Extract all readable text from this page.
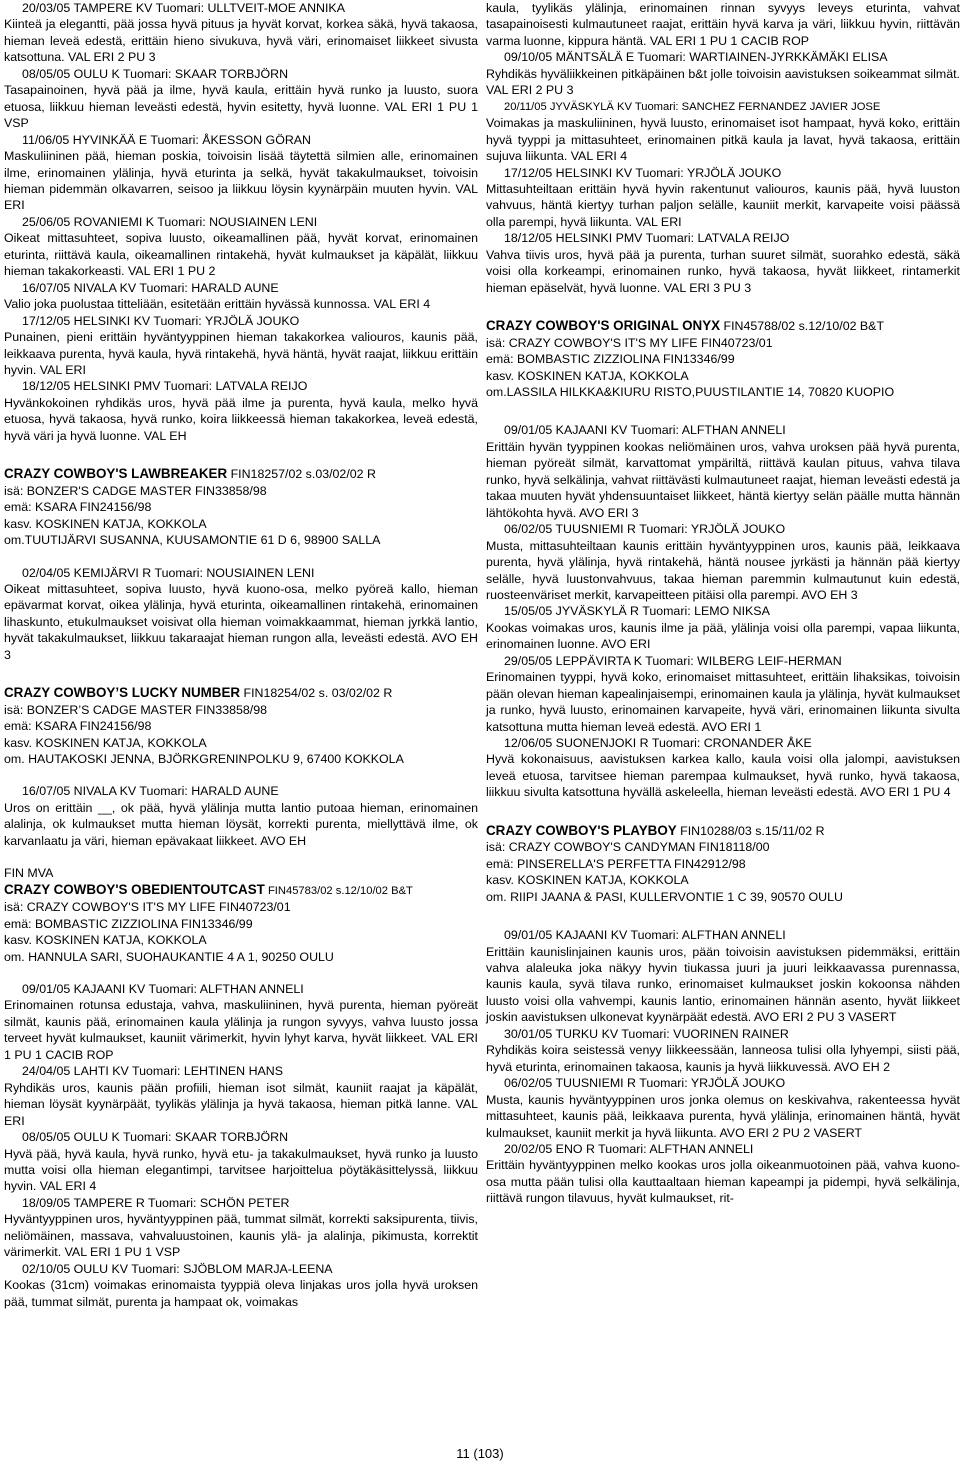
20/03/05 TAMPERE KV Tuomari: ULLTVEIT-MOE ANNIKA

Kiinteä ja elegantti, pää jossa hyvä pituus ja hyvät korvat, korkea säkä, hyvä takaosa, hieman leveä edestä, erittäin hieno sivukuva, hyvä väri, erinomaiset liikkeet sivusta katsottuna. VAL ERI 2 PU 3

08/05/05 OULU K Tuomari: SKAAR TORBJÖRN

Tasapainoinen, hyvä pää ja ilme, hyvä kaula, erittäin hyvä runko ja luusto, suora etuosa, liikkuu hieman leveästi edestä, hyvin esitetty, hyvä luonne. VAL ERI 1 PU 1 VSP

11/06/05 HYVINKÄÄ E Tuomari: ÅKESSON GÖRAN

Maskuliininen pää, hieman poskia, toivoisin lisää täytettä silmien alle, erinomainen ilme, erinomainen ylälinja, hyvä eturinta ja selkä, hyvät takakulmaukset, toivoisin hieman pidemmän olkavarren, seisoo ja liikkuu löysin kyynärpäin muuten hyvin. VAL ERI

25/06/05 ROVANIEMI K Tuomari: NOUSIAINEN LENI

Oikeat mittasuhteet, sopiva luusto, oikeamallinen pää, hyvät korvat, erinomainen eturinta, riittävä kaula, oikeamallinen rintakehä, hyvät kulmaukset ja käpälät, liikkuu hieman takakorkeasti. VAL ERI 1 PU 2

16/07/05 NIVALA KV Tuomari: HARALD AUNE

Valio joka puolustaa titteliään, esitetään erittäin hyvässä kunnossa. VAL ERI 4

17/12/05 HELSINKI KV Tuomari: YRJÖLÄ JOUKO

Punainen, pieni erittäin hyväntyyppinen hieman takakorkea valiouros, kaunis pää, leikkaava purenta, hyvä kaula, hyvä rintakehä, hyvä häntä, hyvät raajat, liikkuu erittäin hyvin. VAL ERI

18/12/05 HELSINKI PMV Tuomari: LATVALA REIJO

Hyvänkokoinen ryhdikäs uros, hyvä pää ilme ja purenta, hyvä kaula, melko hyvä etuosa, hyvä takaosa, hyvä runko, koira liikkeessä hieman takakorkea, leveä edestä, hyvä väri ja hyvä luonne. VAL EH

CRAZY COWBOY'S LAWBREAKER FIN18257/02 s.03/02/02 R

isä: BONZER'S CADGE MASTER FIN33858/98

emä: KSARA FIN24156/98

kasv. KOSKINEN KATJA, KOKKOLA

om.TUUTIJÄRVI SUSANNA, KUUSAMONTIE 61 D 6, 98900 SALLA

02/04/05 KEMIJÄRVI R Tuomari: NOUSIAINEN LENI

Oikeat mittasuhteet, sopiva luusto, hyvä kuono-osa, melko pyöreä kallo, hieman epävarmat korvat, oikea ylälinja, hyvä eturinta, oikeamallinen rintakehä, erinomainen lihaskunto, etukulmaukset voisivat olla hieman voimakkaammat, hieman jyrkkä lantio, hyvät takakulmaukset, liikkuu takaraajat hieman rungon alla, leveästi edestä. AVO EH 3

CRAZY COWBOY’S LUCKY NUMBER FIN18254/02 s. 03/02/02 R

isä: BONZER’S CADGE MASTER FIN33858/98

emä: KSARA FIN24156/98

kasv. KOSKINEN KATJA, KOKKOLA

om. HAUTAKOSKI JENNA, BJÖRKGRENINPOLKU 9, 67400 KOKKOLA

16/07/05 NIVALA KV Tuomari: HARALD AUNE

Uros on erittäin __, ok pää, hyvä ylälinja mutta lantio putoaa hieman, erinomainen alalinja, ok kulmaukset mutta hieman löysät, korrekti purenta, miellyttävä ilme, ok karvanlaatu ja väri, hieman epävakaat liikkeet. AVO EH

FIN MVA

CRAZY COWBOY'S OBEDIENTOUTCAST FIN45783/02 s.12/10/02 B&T

isä: CRAZY COWBOY'S IT'S MY LIFE FIN40723/01

emä: BOMBASTIC ZIZZIOLINA FIN13346/99

kasv. KOSKINEN KATJA, KOKKOLA

om. HANNULA SARI, SUOHAUKANTIE 4 A 1, 90250 OULU

09/01/05 KAJAANI KV Tuomari: ALFTHAN ANNELI

Erinomainen rotunsa edustaja, vahva, maskuliininen, hyvä purenta, hieman pyöreät silmät, kaunis pää, erinomainen kaula ylälinja ja rungon syvyys, vahva luusto jossa terveet hyvät kulmaukset, kauniit värimerkit, hyvin lyhyt karva, hyvät liikkeet. VAL ERI 1 PU 1 CACIB ROP

24/04/05 LAHTI KV Tuomari: LEHTINEN HANS

Ryhdikäs uros, kaunis pään profiili, hieman isot silmät, kauniit raajat ja käpälät, hieman löysät kyynärpäät, tyylikäs ylälinja ja hyvä takaosa, hieman pitkä lanne. VAL ERI

08/05/05 OULU K Tuomari: SKAAR TORBJÖRN

Hyvä pää, hyvä kaula, hyvä runko, hyvä etu- ja takakulmaukset, hyvä runko ja luusto mutta voisi olla hieman elegantimpi, tarvitsee harjoittelua pöytäkäsittelyssä, liikkuu hyvin. VAL ERI 4

18/09/05 TAMPERE R Tuomari: SCHÖN PETER

Hyväntyyppinen uros, hyväntyyppinen pää, tummat silmät, korrekti saksipurenta, tiivis, neliömäinen, massava, vahvaluustoinen, kaunis ylä- ja alalinja, pikimusta, korrektit värimerkit. VAL ERI 1 PU 1 VSP

02/10/05 OULU KV Tuomari: SJÖBLOM MARJA-LEENA

Kookas (31cm) voimakas erinomaista tyyppiä oleva linjakas uros jolla hyvä uroksen pää, tummat silmät, purenta ja hampaat ok, voimakas

kaula, tyylikäs ylälinja, erinomainen rinnan syvyys leveys eturinta, vahvat tasapainoisesti kulmautuneet raajat, erittäin hyvä karva ja väri, liikkuu hyvin, riittävän varma luonne, kippura häntä. VAL ERI 1 PU 1 CACIB ROP

09/10/05 MÄNTSÄLÄ E Tuomari: WARTIAINEN-JYRKKÄMÄKI ELISA

Ryhdikäs hyväliikkeinen pitkäpäinen b&t jolle toivoisin aavistuksen soikeammat silmät. VAL ERI 2 PU 3

20/11/05 JYVÄSKYLÄ KV Tuomari: SANCHEZ FERNANDEZ JAVIER JOSE

Voimakas ja maskuliininen, hyvä luusto, erinomaiset isot hampaat, hyvä koko, erittäin hyvä tyyppi ja mittasuhteet, erinomainen pitkä kaula ja lavat, hyvä takaosa, erittäin sujuva liikunta. VAL ERI 4

17/12/05 HELSINKI KV Tuomari: YRJÖLÄ JOUKO

Mittasuhteiltaan erittäin hyvä hyvin rakentunut valiouros, kaunis pää, hyvä luuston vahvuus, häntä kiertyy turhan paljon selälle, kauniit merkit, karvapeite voisi päässä olla parempi, hyvä liikunta. VAL ERI

18/12/05 HELSINKI PMV Tuomari: LATVALA REIJO

Vahva tiivis uros, hyvä pää ja purenta, turhan suuret silmät, suorahko edestä, säkä voisi olla korkeampi, erinomainen runko, hyvä takaosa, hyvät liikkeet, rintamerkit hieman epäselvät, hyvä luonne. VAL ERI 3 PU 3

CRAZY COWBOY'S ORIGINAL ONYX FIN45788/02 s.12/10/02 B&T

isä: CRAZY COWBOY'S IT'S MY LIFE FIN40723/01

emä: BOMBASTIC ZIZZIOLINA FIN13346/99

kasv. KOSKINEN KATJA, KOKKOLA

om.LASSILA HILKKA&KIURU RISTO,PUUSTILANTIE 14, 70820 KUOPIO

09/01/05 KAJAANI KV Tuomari: ALFTHAN ANNELI

Erittäin hyvän tyyppinen kookas neliömäinen uros, vahva uroksen pää hyvä purenta, hieman pyöreät silmät, karvattomat ympäriltä, riittävä kaulan pituus, vahva tilava runko, hyvä selkälinja, vahvat riittävästi kulmautuneet raajat, hieman leveästi edestä ja takaa muuten hyvät yhdensuuntaiset liikkeet, häntä kiertyy selän päälle mutta hännän lähtökohta hyvä. AVO ERI 3

06/02/05 TUUSNIEMI R Tuomari: YRJÖLÄ JOUKO

Musta, mittasuhteiltaan kaunis erittäin hyväntyyppinen uros, kaunis pää, leikkaava purenta, hyvä ylälinja, hyvä rintakehä, häntä nousee jyrkästi ja hännän pää kiertyy selälle, hyvä luustonvahvuus, takaa hieman paremmin kulmautunut kuin edestä, ruosteenväriset merkit, karvapeitteen pitäisi olla parempi. AVO EH 3

15/05/05 JYVÄSKYLÄ R Tuomari: LEMO NIKSA

Kookas voimakas uros, kaunis ilme ja pää, ylälinja voisi olla parempi, vapaa liikunta, erinomainen luonne. AVO ERI

29/05/05 LEPPÄVIRTA K Tuomari: WILBERG LEIF-HERMAN

Erinomainen tyyppi, hyvä koko, erinomaiset mittasuhteet, erittäin lihaksikas, toivoisin pään olevan hieman kapealinjaisempi, erinomainen kaula ja ylälinja, hyvät kulmaukset ja runko, hyvä luusto, erinomainen karvapeite, hyvä väri, erinomainen liikunta sivulta katsottuna mutta hieman leveä edestä. AVO ERI 1

12/06/05 SUONENJOKI R Tuomari: CRONANDER ÅKE

Hyvä kokonaisuus, aavistuksen karkea kallo, kaula voisi olla jalompi, aavistuksen leveä etuosa, tarvitsee hieman parempaa kulmaukset, hyvä runko, hyvä takaosa, liikkuu sivulta katsottuna hyvällä askeleella, hieman leveästi edestä. AVO ERI 1 PU 4

CRAZY COWBOY'S PLAYBOY FIN10288/03 s.15/11/02 R

isä: CRAZY COWBOY'S CANDYMAN FIN18118/00

emä: PINSERELLA'S PERFETTA FIN42912/98

kasv. KOSKINEN KATJA, KOKKOLA

om. RIIPI JAANA & PASI, KULLERVONTIE 1 C 39, 90570 OULU

09/01/05 KAJAANI KV Tuomari: ALFTHAN ANNELI

Erittäin kaunislinjainen kaunis uros, pään toivoisin aavistuksen pidemmäksi, erittäin vahva alaleuka joka näkyy hyvin tiukassa juuri ja juuri leikkaavassa purennassa, kaunis kaula, syvä tilava runko, erinomaiset kulmaukset joskin kokoonsa nähden luusto voisi olla vahvempi, kaunis lantio, erinomainen hännän asento, hyvät liikkeet joskin aavistuksen ulkonevat kyynärpäät edestä. AVO ERI 2 PU 3 VASERT

30/01/05 TURKU KV Tuomari: VUORINEN RAINER

Ryhdikäs koira seistessä venyy liikkeessään, lanneosa tulisi olla lyhyempi, siisti pää, hyvä eturinta, erinomainen takaosa, kaunis ja hyvä liikkuvessä. AVO EH 2

06/02/05 TUUSNIEMI R Tuomari: YRJÖLÄ JOUKO

Musta, kaunis hyväntyyppinen uros jonka olemus on keskivahva, rakenteessa hyvät mittasuhteet, kaunis pää, leikkaava purenta, hyvä ylälinja, erinomainen häntä, hyvät kulmaukset, kauniit merkit ja hyvä liikunta. AVO ERI 2 PU 2 VASERT

20/02/05 ENO R Tuomari: ALFTHAN ANNELI

Erittäin hyväntyyppinen melko kookas uros jolla oikeanmuotoinen pää, vahva kuono-osa mutta pään tulisi olla kauttaaltaan hieman kapeampi ja pidempi, hyvä selkälinja, riittävä rungon tilavuus, hyvät kulmaukset, rit-

11 (103)
